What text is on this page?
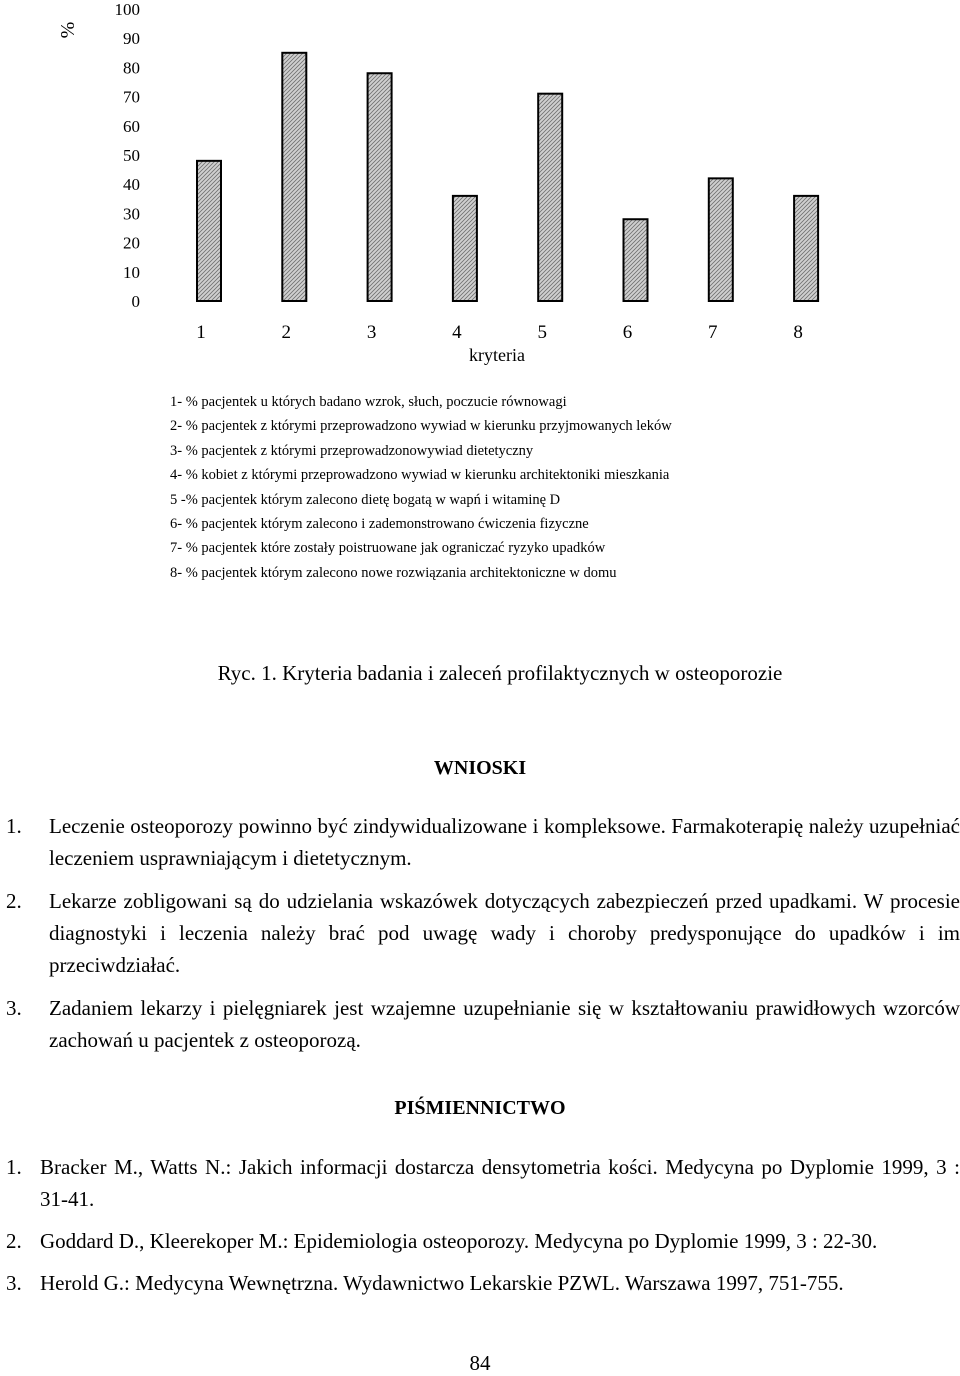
0
10
20
30
40
50
60
70
80
90
100
1	2	3	4	5	6	7	8
%
kryteria
1- % pacjentek u których badano wzrok, słuch, poczucie równowagi
2- % pacjentek z którymi przeprowadzono wywiad w kierunku przyjmowanych leków
3- % pacjentek z którymi przeprowadzonowywiad dietetyczny
4- % kobiet z którymi przeprowadzono wywiad w kierunku architektoniki mieszkania
5 -% pacjentek którym zalecono dietę bogatą w wapń i witaminę D
6- % pacjentek którym zalecono i zademonstrowano ćwiczenia fizyczne
7- % pacjentek które zostały poistruowane jak ograniczać ryzyko upadków
8- % pacjentek którym zalecono nowe rozwiązania architektoniczne w domu
Ryc. 1. Kryteria badania i zaleceń profilaktycznych w osteoporozie
WNIOSKI
1. Leczenie osteoporozy powinno być zindywidualizowane i kompleksowe. Farmakoterapię należy uzupełniać leczeniem usprawniającym i dietetycznym.
2. Lekarze zobligowani są do udzielania wskazówek dotyczących zabezpieczeń przed upadkami. W procesie diagnostyki i leczenia należy brać pod uwagę wady i choroby predysponujące do upadków i im przeciwdziałać.
3. Zadaniem lekarzy i pielęgniarek jest wzajemne uzupełnianie się w kształtowaniu prawidłowych wzorców zachowań u pacjentek z osteoporozą.
PIŚMIENNICTWO
1. Bracker M., Watts N.: Jakich informacji dostarcza densytometria kości. Medycyna po Dyplomie 1999, 3 : 31-41.
2. Goddard D., Kleerekoper M.: Epidemiologia osteoporozy. Medycyna po Dyplomie 1999, 3 : 22-30.
3. Herold G.: Medycyna Wewnętrzna. Wydawnictwo Lekarskie PZWL. Warszawa 1997, 751-755.
84
